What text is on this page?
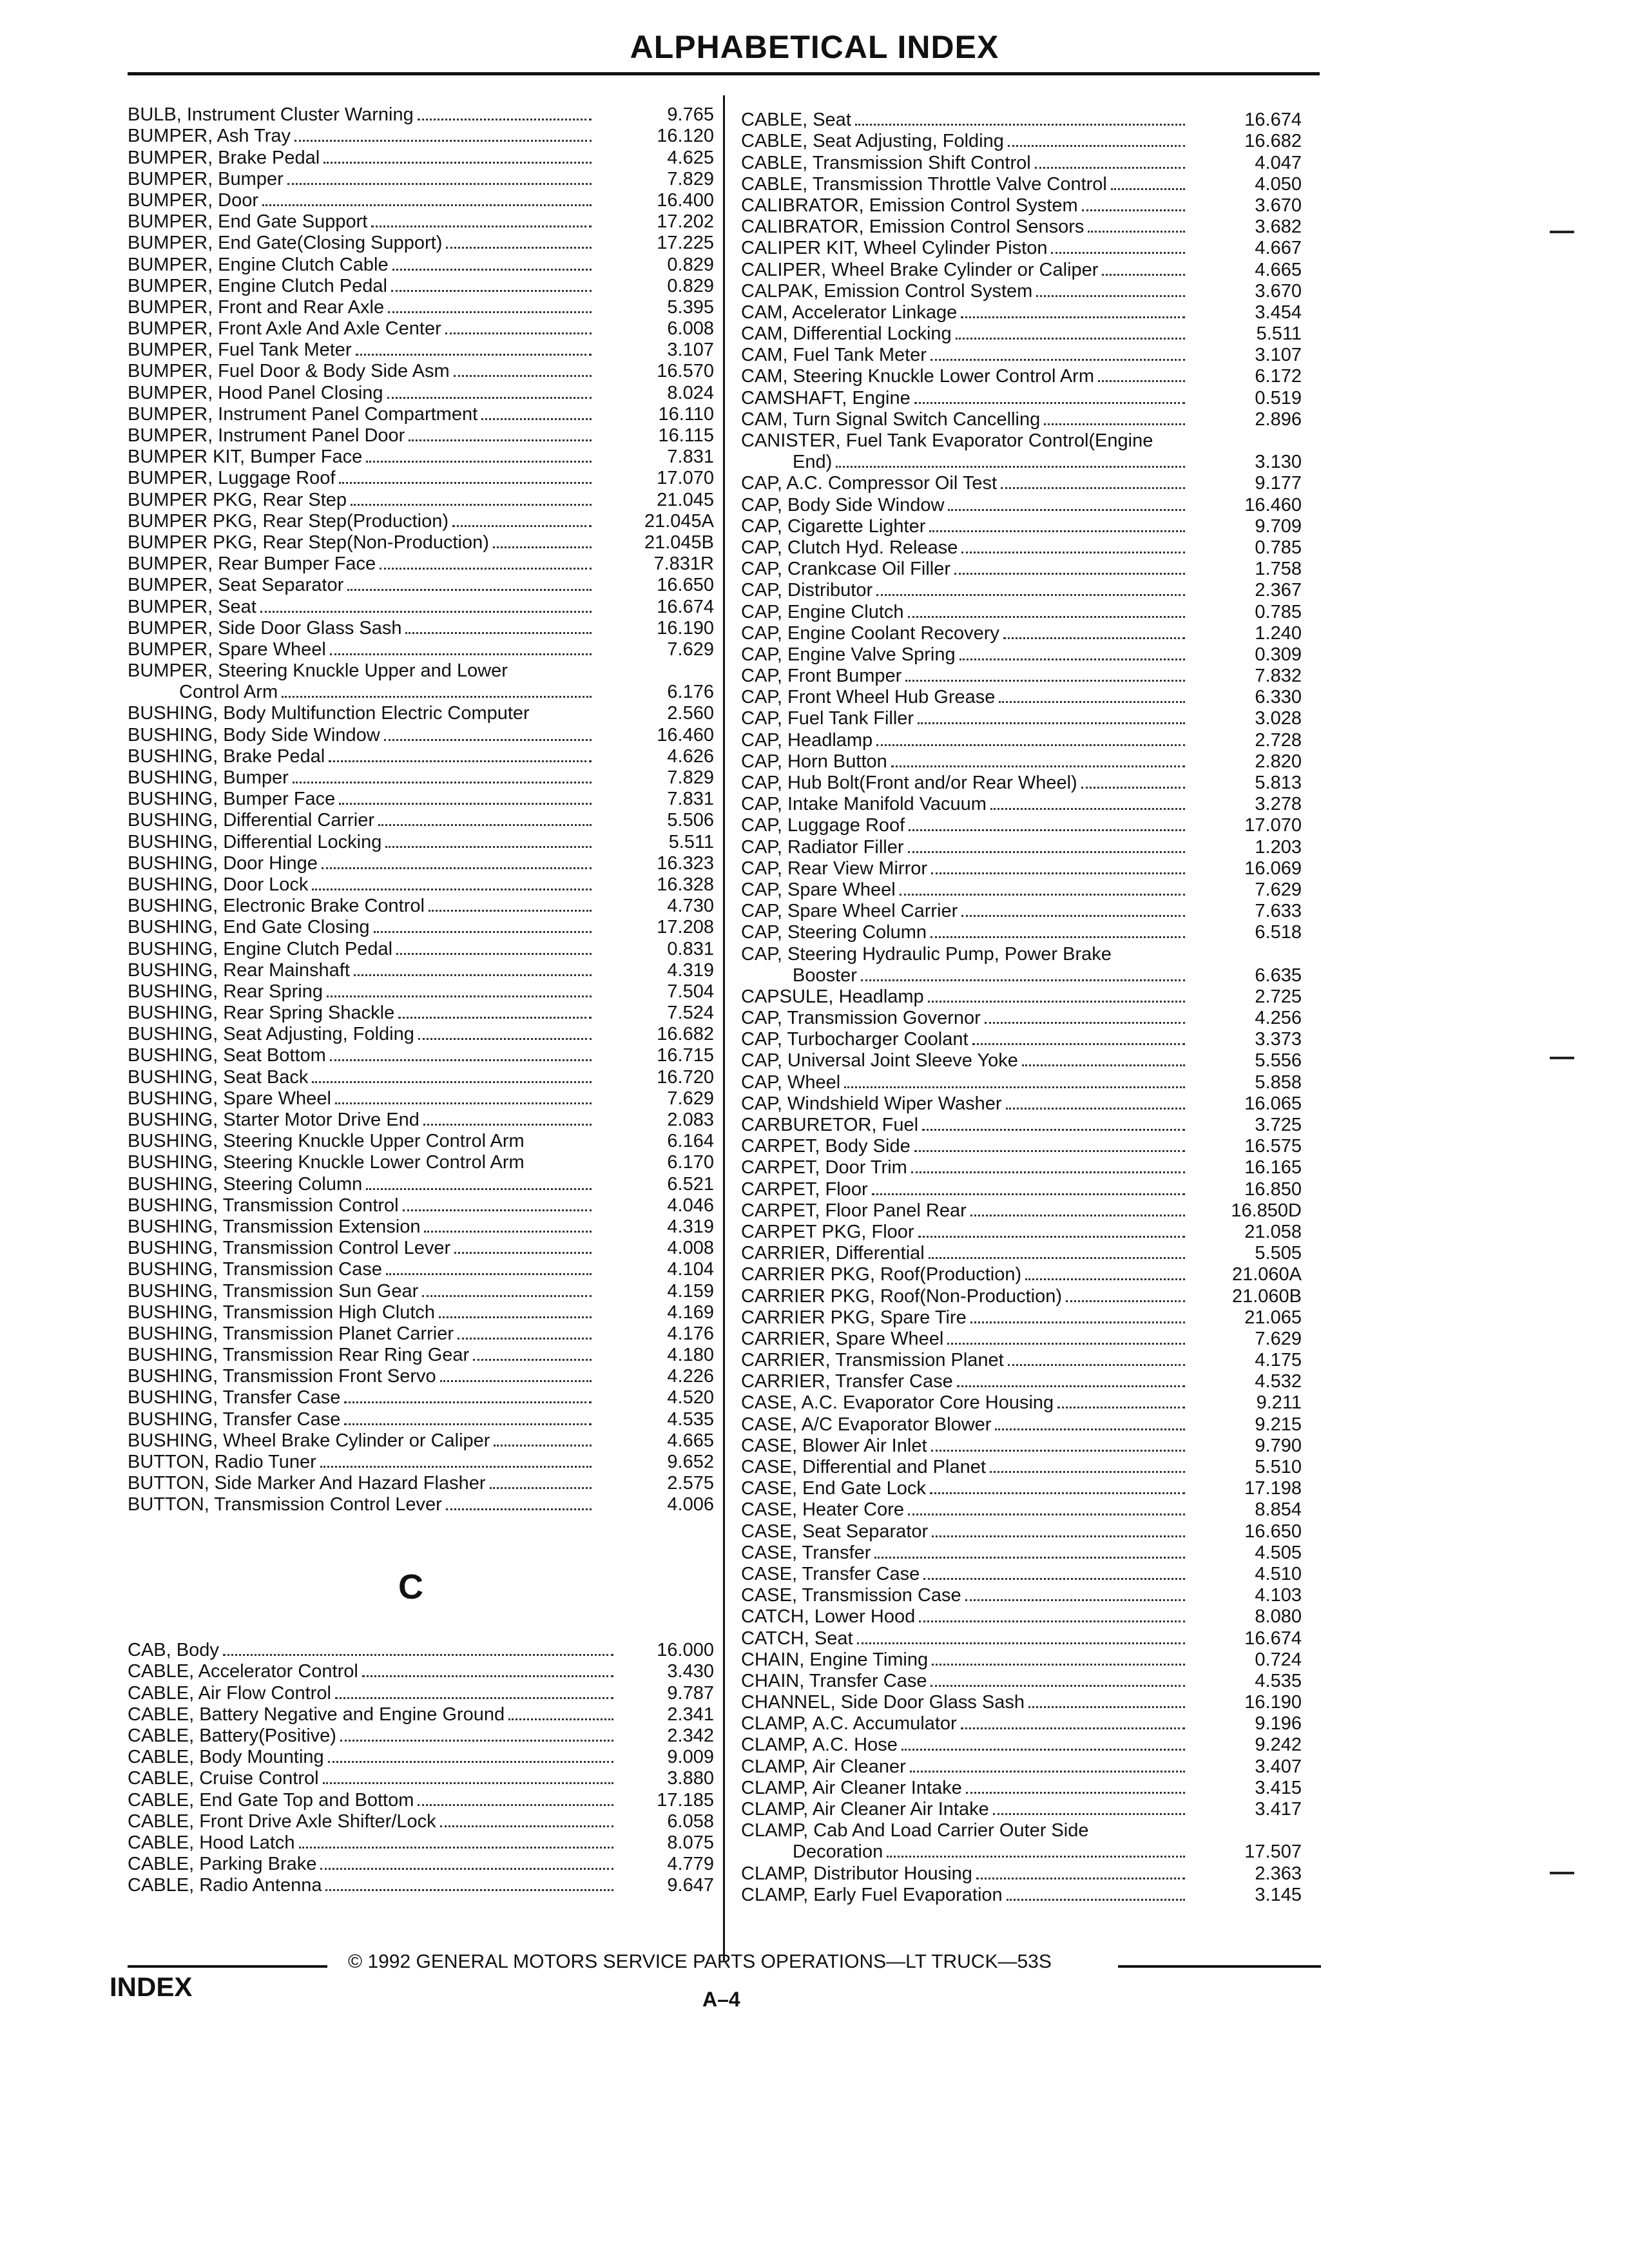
ALPHABETICAL INDEX
BULB, Instrument Cluster Warning	9.765
BUMPER, Ash Tray	16.120
BUMPER, Brake Pedal	4.625
BUMPER, Bumper	7.829
BUMPER, Door	16.400
BUMPER, End Gate Support	17.202
BUMPER, End Gate(Closing Support)	17.225
BUMPER, Engine Clutch Cable	0.829
BUMPER, Engine Clutch Pedal	0.829
BUMPER, Front and Rear Axle	5.395
BUMPER, Front Axle And Axle Center	6.008
BUMPER, Fuel Tank Meter	3.107
BUMPER, Fuel Door & Body Side Asm	16.570
BUMPER, Hood Panel Closing	8.024
BUMPER, Instrument Panel Compartment	16.110
BUMPER, Instrument Panel Door	16.115
BUMPER KIT, Bumper Face	7.831
BUMPER, Luggage Roof	17.070
BUMPER PKG, Rear Step	21.045
BUMPER PKG, Rear Step(Production)	21.045A
BUMPER PKG, Rear Step(Non-Production)	21.045B
BUMPER, Rear Bumper Face	7.831R
BUMPER, Seat Separator	16.650
BUMPER, Seat	16.674
BUMPER, Side Door Glass Sash	16.190
BUMPER, Spare Wheel	7.629
BUMPER, Steering Knuckle Upper and Lower
Control Arm	6.176
BUSHING, Body Multifunction Electric Computer	2.560
BUSHING, Body Side Window	16.460
BUSHING, Brake Pedal	4.626
BUSHING, Bumper	7.829
BUSHING, Bumper Face	7.831
BUSHING, Differential Carrier	5.506
BUSHING, Differential Locking	5.511
BUSHING, Door Hinge	16.323
BUSHING, Door Lock	16.328
BUSHING, Electronic Brake Control	4.730
BUSHING, End Gate Closing	17.208
BUSHING, Engine Clutch Pedal	0.831
BUSHING, Rear Mainshaft	4.319
BUSHING, Rear Spring	7.504
BUSHING, Rear Spring Shackle	7.524
BUSHING, Seat Adjusting, Folding	16.682
BUSHING, Seat Bottom	16.715
BUSHING, Seat Back	16.720
BUSHING, Spare Wheel	7.629
BUSHING, Starter Motor Drive End	2.083
BUSHING, Steering Knuckle Upper Control Arm	6.164
BUSHING, Steering Knuckle Lower Control Arm	6.170
BUSHING, Steering Column	6.521
BUSHING, Transmission Control	4.046
BUSHING, Transmission Extension	4.319
BUSHING, Transmission Control Lever	4.008
BUSHING, Transmission Case	4.104
BUSHING, Transmission Sun Gear	4.159
BUSHING, Transmission High Clutch	4.169
BUSHING, Transmission Planet Carrier	4.176
BUSHING, Transmission Rear Ring Gear	4.180
BUSHING, Transmission Front Servo	4.226
BUSHING, Transfer Case	4.520
BUSHING, Transfer Case	4.535
BUSHING, Wheel Brake Cylinder or Caliper	4.665
BUTTON, Radio Tuner	9.652
BUTTON, Side Marker And Hazard Flasher	2.575
BUTTON, Transmission Control Lever	4.006
C
CAB, Body	16.000
CABLE, Accelerator Control	3.430
CABLE, Air Flow Control	9.787
CABLE, Battery Negative and Engine Ground	2.341
CABLE, Battery(Positive)	2.342
CABLE, Body Mounting	9.009
CABLE, Cruise Control	3.880
CABLE, End Gate Top and Bottom	17.185
CABLE, Front Drive Axle Shifter/Lock	6.058
CABLE, Hood Latch	8.075
CABLE, Parking Brake	4.779
CABLE, Radio Antenna	9.647
CABLE, Seat	16.674
CABLE, Seat Adjusting, Folding	16.682
CABLE, Transmission Shift Control	4.047
CABLE, Transmission Throttle Valve Control	4.050
CALIBRATOR, Emission Control System	3.670
CALIBRATOR, Emission Control Sensors	3.682
CALIPER KIT, Wheel Cylinder Piston	4.667
CALIPER, Wheel Brake Cylinder or Caliper	4.665
CALPAK, Emission Control System	3.670
CAM, Accelerator Linkage	3.454
CAM, Differential Locking	5.511
CAM, Fuel Tank Meter	3.107
CAM, Steering Knuckle Lower Control Arm	6.172
CAMSHAFT, Engine	0.519
CAM, Turn Signal Switch Cancelling	2.896
CANISTER, Fuel Tank Evaporator Control(Engine
End)	3.130
CAP, A.C. Compressor Oil Test	9.177
CAP, Body Side Window	16.460
CAP, Cigarette Lighter	9.709
CAP, Clutch Hyd. Release	0.785
CAP, Crankcase Oil Filler	1.758
CAP, Distributor	2.367
CAP, Engine Clutch	0.785
CAP, Engine Coolant Recovery	1.240
CAP, Engine Valve Spring	0.309
CAP, Front Bumper	7.832
CAP, Front Wheel Hub Grease	6.330
CAP, Fuel Tank Filler	3.028
CAP, Headlamp	2.728
CAP, Horn Button	2.820
CAP, Hub Bolt(Front and/or Rear Wheel)	5.813
CAP, Intake Manifold Vacuum	3.278
CAP, Luggage Roof	17.070
CAP, Radiator Filler	1.203
CAP, Rear View Mirror	16.069
CAP, Spare Wheel	7.629
CAP, Spare Wheel Carrier	7.633
CAP, Steering Column	6.518
CAP, Steering Hydraulic Pump, Power Brake
Booster	6.635
CAPSULE, Headlamp	2.725
CAP, Transmission Governor	4.256
CAP, Turbocharger Coolant	3.373
CAP, Universal Joint Sleeve Yoke	5.556
CAP, Wheel	5.858
CAP, Windshield Wiper Washer	16.065
CARBURETOR, Fuel	3.725
CARPET, Body Side	16.575
CARPET, Door Trim	16.165
CARPET, Floor	16.850
CARPET, Floor Panel Rear	16.850D
CARPET PKG, Floor	21.058
CARRIER, Differential	5.505
CARRIER PKG, Roof(Production)	21.060A
CARRIER PKG, Roof(Non-Production)	21.060B
CARRIER PKG, Spare Tire	21.065
CARRIER, Spare Wheel	7.629
CARRIER, Transmission Planet	4.175
CARRIER, Transfer Case	4.532
CASE, A.C. Evaporator Core Housing	9.211
CASE, A/C Evaporator Blower	9.215
CASE, Blower Air Inlet	9.790
CASE, Differential and Planet	5.510
CASE, End Gate Lock	17.198
CASE, Heater Core	8.854
CASE, Seat Separator	16.650
CASE, Transfer	4.505
CASE, Transfer Case	4.510
CASE, Transmission Case	4.103
CATCH, Lower Hood	8.080
CATCH, Seat	16.674
CHAIN, Engine Timing	0.724
CHAIN, Transfer Case	4.535
CHANNEL, Side Door Glass Sash	16.190
CLAMP, A.C. Accumulator	9.196
CLAMP, A.C. Hose	9.242
CLAMP, Air Cleaner	3.407
CLAMP, Air Cleaner Intake	3.415
CLAMP, Air Cleaner Air Intake	3.417
CLAMP, Cab And Load Carrier Outer Side
Decoration	17.507
CLAMP, Distributor Housing	2.363
CLAMP, Early Fuel Evaporation	3.145
© 1992 GENERAL MOTORS SERVICE PARTS OPERATIONS—LT TRUCK—53S
INDEX	A–4
